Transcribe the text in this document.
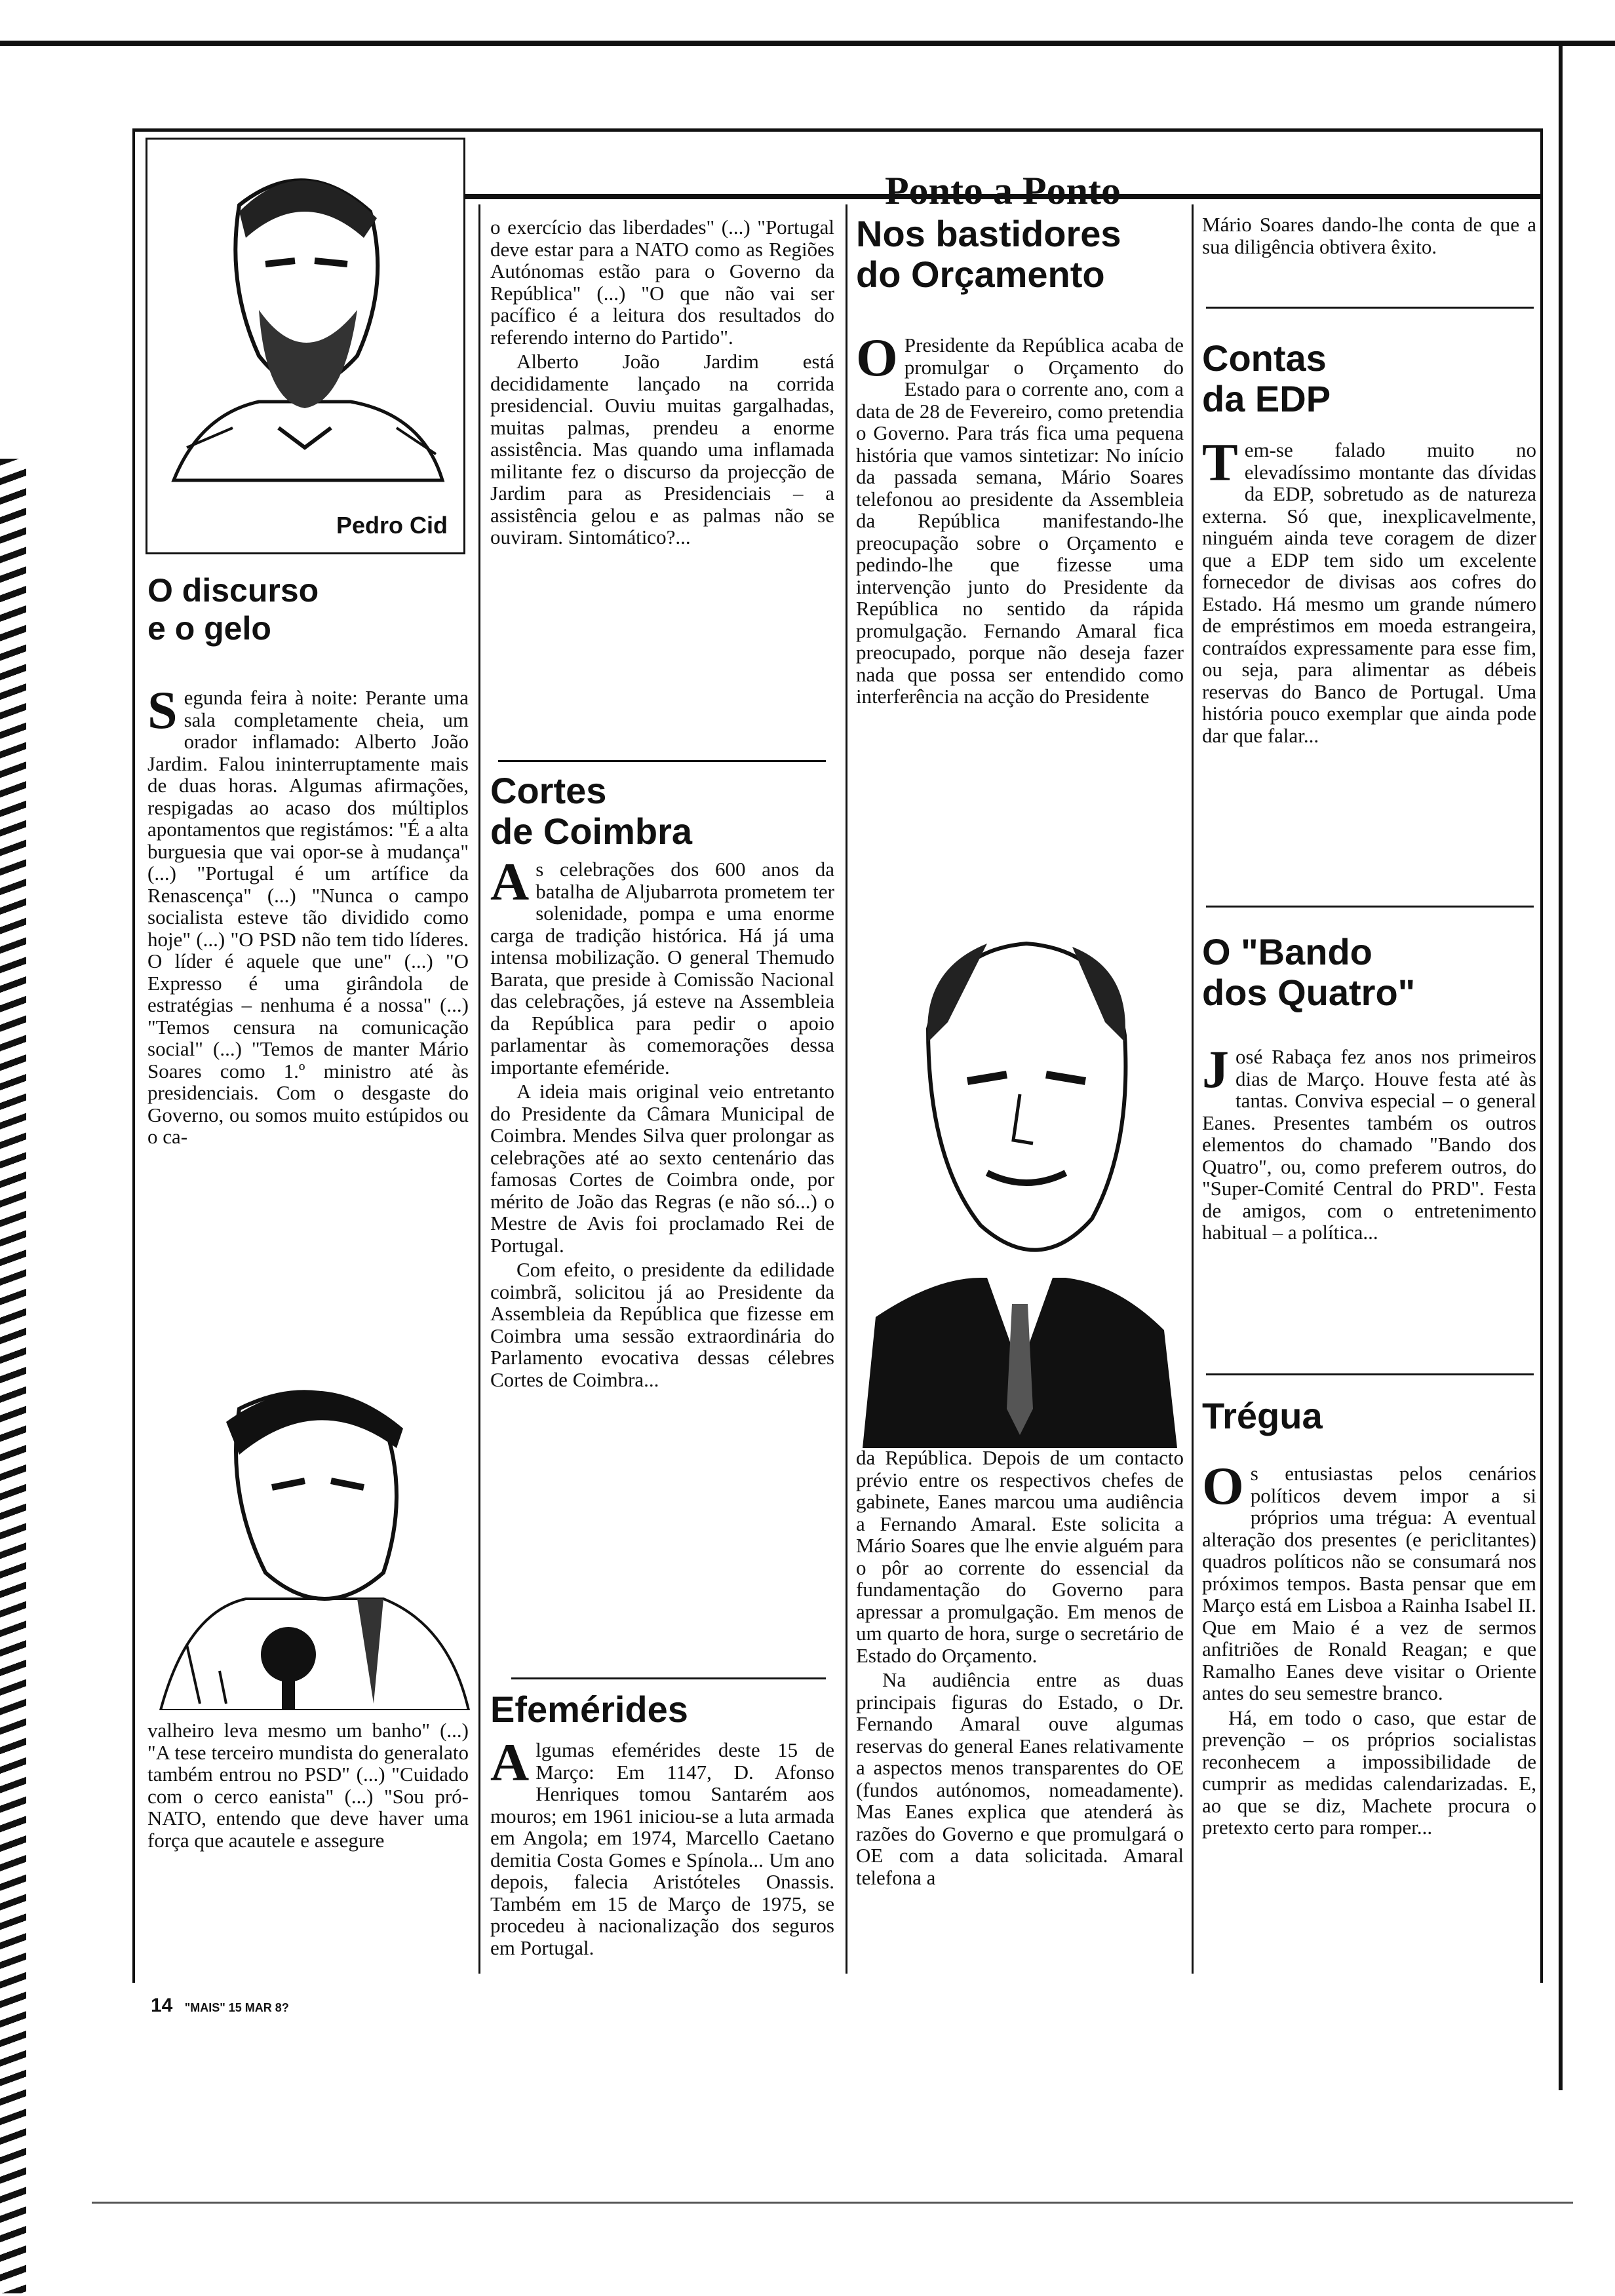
Ponto a Ponto
Pedro Cid
O discurso
e o gelo

Segunda feira à noite: Perante uma sala completamente cheia, um orador inflamado: Alberto João Jardim. Falou ininterruptamente mais de duas horas. Algumas afirmações, respigadas ao acaso dos múltiplos apontamentos que registámos: "É a alta burguesia que vai opor-se à mudança" (...) "Portugal é um artífice da Renascença" (...) "Nunca o campo socialista esteve tão dividido como hoje" (...) "O PSD não tem tido líderes. O líder é aquele que une" (...) "O Expresso é uma girândola de estratégias – nenhuma é a nossa" (...) "Temos censura na comunicação social" (...) "Temos de manter Mário Soares como 1.º ministro até às presidenciais. Com o desgaste do Governo, ou somos muito estúpidos ou o ca-

valheiro leva mesmo um banho" (...) "A tese terceiro mundista do generalato também entrou no PSD" (...) "Cuidado com o cerco eanista" (...) "Sou pró-NATO, entendo que deve haver uma força que acautele e assegure

o exercício das liberdades" (...) "Portugal deve estar para a NATO como as Regiões Autónomas estão para o Governo da República" (...) "O que não vai ser pacífico é a leitura dos resultados do referendo interno do Partido".

Alberto João Jardim está decididamente lançado na corrida presidencial. Ouviu muitas gargalhadas, muitas palmas, prendeu a enorme assistência. Mas quando uma inflamada militante fez o discurso da projecção de Jardim para as Presidenciais – a assistência gelou e as palmas não se ouviram. Sintomático?...

Cortes
de Coimbra

As celebrações dos 600 anos da batalha de Aljubarrota prometem ter solenidade, pompa e uma enorme carga de tradição histórica. Há já uma intensa mobilização. O general Themudo Barata, que preside à Comissão Nacional das celebrações, já esteve na Assembleia da República para pedir o apoio parlamentar às comemorações dessa importante efeméride.

A ideia mais original veio entretanto do Presidente da Câmara Municipal de Coimbra. Mendes Silva quer prolongar as celebrações até ao sexto centenário das famosas Cortes de Coimbra onde, por mérito de João das Regras (e não só...) o Mestre de Avis foi proclamado Rei de Portugal.

Com efeito, o presidente da edilidade coimbrã, solicitou já ao Presidente da Assembleia da República que fizesse em Coimbra uma sessão extraordinária do Parlamento evocativa dessas célebres Cortes de Coimbra...

Efemérides

Algumas efemérides deste 15 de Março: Em 1147, D. Afonso Henriques tomou Santarém aos mouros; em 1961 iniciou-se a luta armada em Angola; em 1974, Marcello Caetano demitia Costa Gomes e Spínola... Um ano depois, falecia Aristóteles Onassis. Também em 15 de Março de 1975, se procedeu à nacionalização dos seguros em Portugal.

Nos bastidores
do Orçamento

O Presidente da República acaba de promulgar o Orçamento do Estado para o corrente ano, com a data de 28 de Fevereiro, como pretendia o Governo. Para trás fica uma pequena história que vamos sintetizar: No início da passada semana, Mário Soares telefonou ao presidente da Assembleia da República manifestando-lhe preocupação sobre o Orçamento e pedindo-lhe que fizesse uma intervenção junto do Presidente da República no sentido da rápida promulgação. Fernando Amaral fica preocupado, porque não deseja fazer nada que possa ser entendido como interferência na acção do Presidente

da República. Depois de um contacto prévio entre os respectivos chefes de gabinete, Eanes marcou uma audiência a Fernando Amaral. Este solicita a Mário Soares que lhe envie alguém para o pôr ao corrente do essencial da fundamentação do Governo para apressar a promulgação. Em menos de um quarto de hora, surge o secretário de Estado do Orçamento.

Na audiência entre as duas principais figuras do Estado, o Dr. Fernando Amaral ouve algumas reservas do general Eanes relativamente a aspectos menos transparentes do OE (fundos autónomos, nomeadamente). Mas Eanes explica que atenderá às razões do Governo e que promulgará o OE com a data solicitada. Amaral telefona a

Mário Soares dando-lhe conta de que a sua diligência obtivera êxito.

Contas
da EDP

Tem-se falado muito no elevadíssimo montante das dívidas da EDP, sobretudo as de natureza externa. Só que, inexplicavelmente, ninguém ainda teve coragem de dizer que a EDP tem sido um excelente fornecedor de divisas aos cofres do Estado. Há mesmo um grande número de empréstimos em moeda estrangeira, contraídos expressamente para esse fim, ou seja, para alimentar as débeis reservas do Banco de Portugal. Uma história pouco exemplar que ainda pode dar que falar...

O "Bando
dos Quatro"

José Rabaça fez anos nos primeiros dias de Março. Houve festa até às tantas. Conviva especial – o general Eanes. Presentes também os outros elementos do chamado "Bando dos Quatro", ou, como preferem outros, do "Super-Comité Central do PRD". Festa de amigos, com o entretenimento habitual – a política...

Trégua

Os entusiastas pelos cenários políticos devem impor a si próprios uma trégua: A eventual alteração dos presentes (e periclitantes) quadros políticos não se consumará nos próximos tempos. Basta pensar que em Março está em Lisboa a Rainha Isabel II. Que em Maio é a vez de sermos anfitriões de Ronald Reagan; e que Ramalho Eanes deve visitar o Oriente antes do seu semestre branco.

Há, em todo o caso, que estar de prevenção – os próprios socialistas reconhecem a impossibilidade de cumprir as medidas calendarizadas. E, ao que se diz, Machete procura o pretexto certo para romper...

14 "MAIS" 15 MAR 8?
